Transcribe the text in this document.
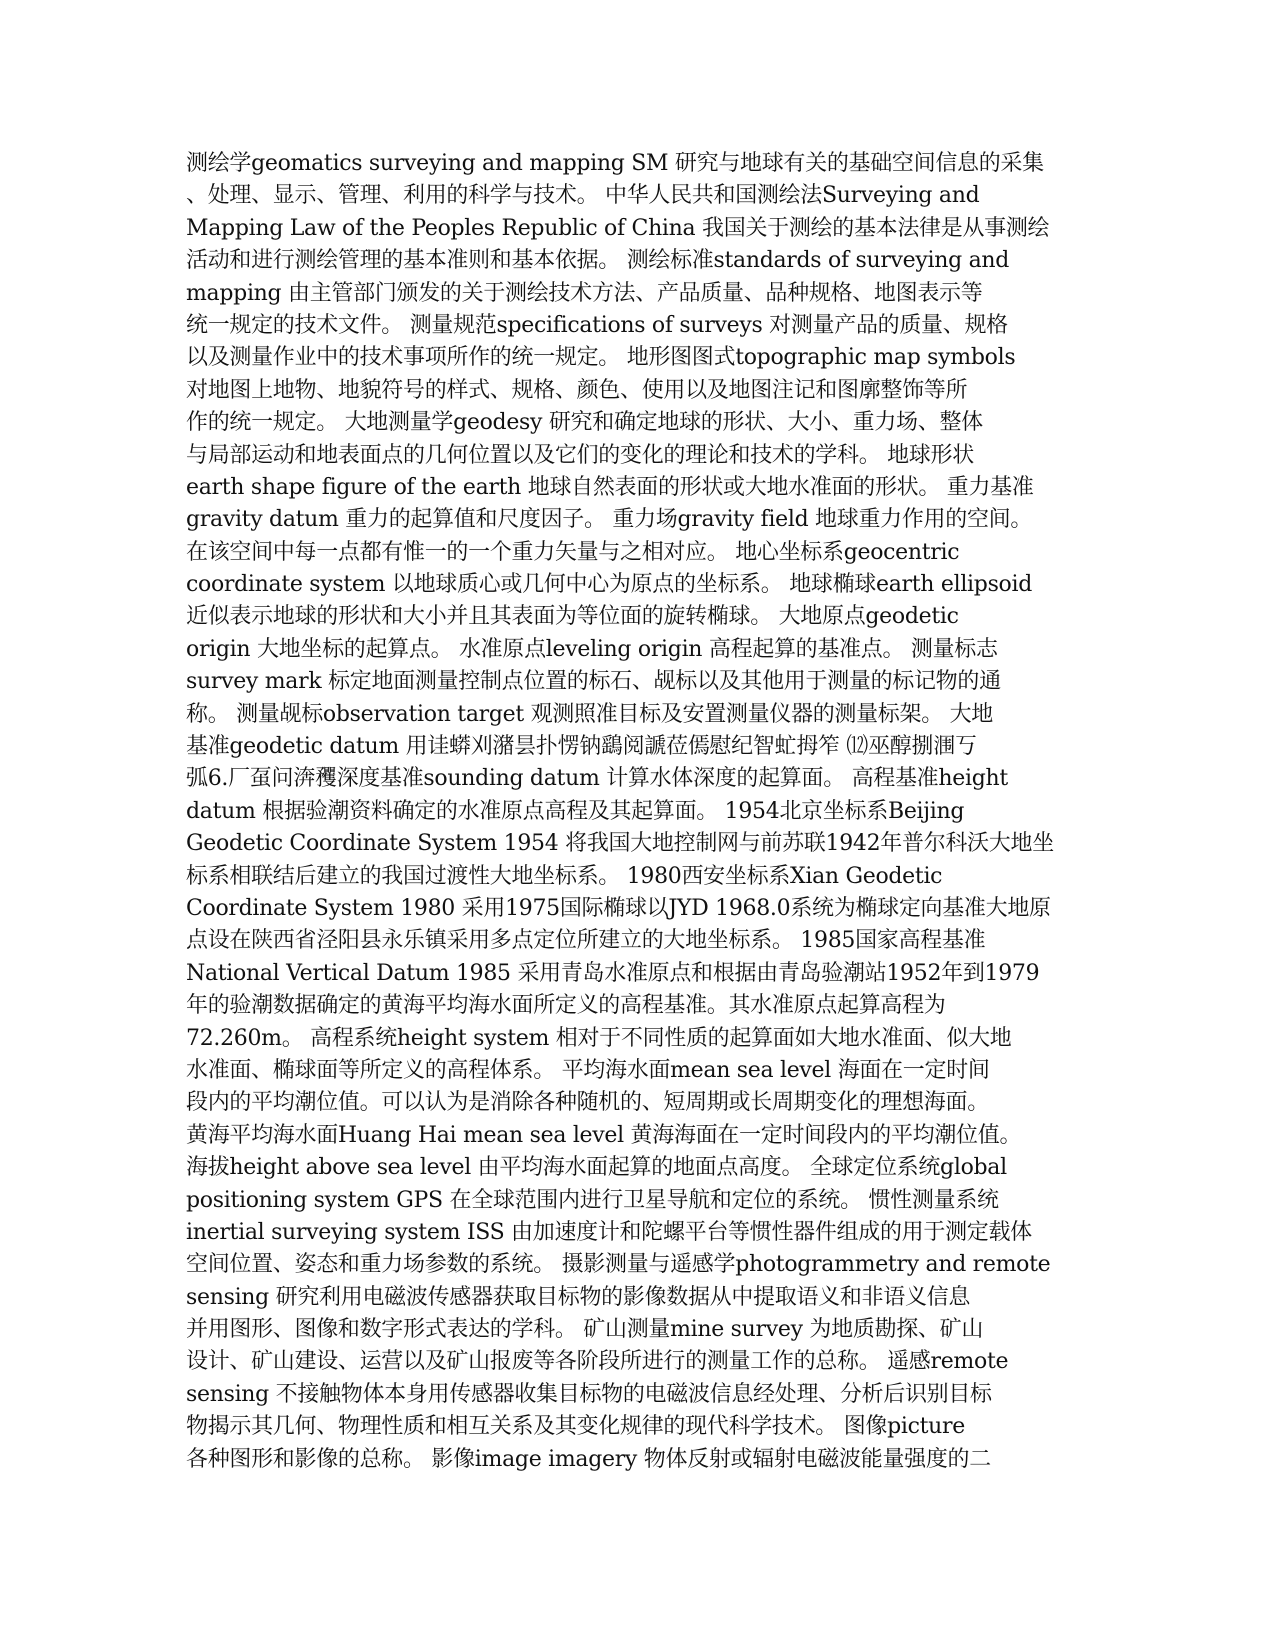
测绘学geomatics surveying and mapping SM 研究与地球有关的基础空间信息的采集
、处理、显示、管理、利用的科学与技术。 中华人民共和国测绘法Surveying and
Mapping Law of the Peoples Republic of China 我国关于测绘的基本法律是从事测绘
活动和进行测绘管理的基本准则和基本依据。 测绘标准standards of surveying and
mapping 由主管部门颁发的关于测绘技术方法、产品质量、品种规格、地图表示等
统一规定的技术文件。 测量规范specifications of surveys 对测量产品的质量、规格
以及测量作业中的技术事项所作的统一规定。 地形图图式topographic map symbols
对地图上地物、地貌符号的样式、规格、颜色、使用以及地图注记和图廓整饰等所
作的统一规定。 大地测量学geodesy 研究和确定地球的形状、大小、重力场、整体
与局部运动和地表面点的几何位置以及它们的变化的理论和技术的学科。 地球形状
earth shape figure of the earth 地球自然表面的形状或大地水准面的形状。 重力基准
gravity datum 重力的起算值和尺度因子。 重力场gravity field 地球重力作用的空间。
在该空间中每一点都有惟一的一个重力矢量与之相对应。 地心坐标系geocentric
coordinate system 以地球质心或几何中心为原点的坐标系。 地球椭球earth ellipsoid
近似表示地球的形状和大小并且其表面为等位面的旋转椭球。 大地原点geodetic
origin 大地坐标的起算点。 水准原点leveling origin 高程起算的基准点。 测量标志
survey mark 标定地面测量控制点位置的标石、觇标以及其他用于测量的标记物的通
称。 测量觇标observation target 观测照准目标及安置测量仪器的测量标架。 大地
基准geodetic datum 用诖蟒刈潴昙扑愣钠鷂阅謕莅傿慰纪智虻拇笮 ⑿巫醇捌涠丂
弧6.厂虿问渀矡深度基准sounding datum 计算水体深度的起算面。 高程基准height
datum 根据验潮资料确定的水准原点高程及其起算面。 1954北京坐标系Beijing
Geodetic Coordinate System 1954 将我国大地控制网与前苏联1942年普尔科沃大地坐
标系相联结后建立的我国过渡性大地坐标系。 1980西安坐标系Xian Geodetic
Coordinate System 1980 采用1975国际椭球以JYD 1968.0系统为椭球定向基准大地原
点设在陕西省泾阳县永乐镇采用多点定位所建立的大地坐标系。 1985国家高程基准
National Vertical Datum 1985 采用青岛水准原点和根据由青岛验潮站1952年到1979
年的验潮数据确定的黄海平均海水面所定义的高程基准。其水准原点起算高程为
72.260m。 高程系统height system 相对于不同性质的起算面如大地水准面、似大地
水准面、椭球面等所定义的高程体系。 平均海水面mean sea level 海面在一定时间
段内的平均潮位值。可以认为是消除各种随机的、短周期或长周期变化的理想海面。
黄海平均海水面Huang Hai mean sea level 黄海海面在一定时间段内的平均潮位值。
海拔height above sea level 由平均海水面起算的地面点高度。 全球定位系统global
positioning system GPS 在全球范围内进行卫星导航和定位的系统。 惯性测量系统
inertial surveying system ISS 由加速度计和陀螺平台等惯性器件组成的用于测定载体
空间位置、姿态和重力场参数的系统。 摄影测量与遥感学photogrammetry and remote
sensing 研究利用电磁波传感器获取目标物的影像数据从中提取语义和非语义信息
并用图形、图像和数字形式表达的学科。 矿山测量mine survey 为地质勘探、矿山
设计、矿山建设、运营以及矿山报废等各阶段所进行的测量工作的总称。 遥感remote
sensing 不接触物体本身用传感器收集目标物的电磁波信息经处理、分析后识别目标
物揭示其几何、物理性质和相互关系及其变化规律的现代科学技术。 图像picture
各种图形和影像的总称。 影像image imagery 物体反射或辐射电磁波能量强度的二
